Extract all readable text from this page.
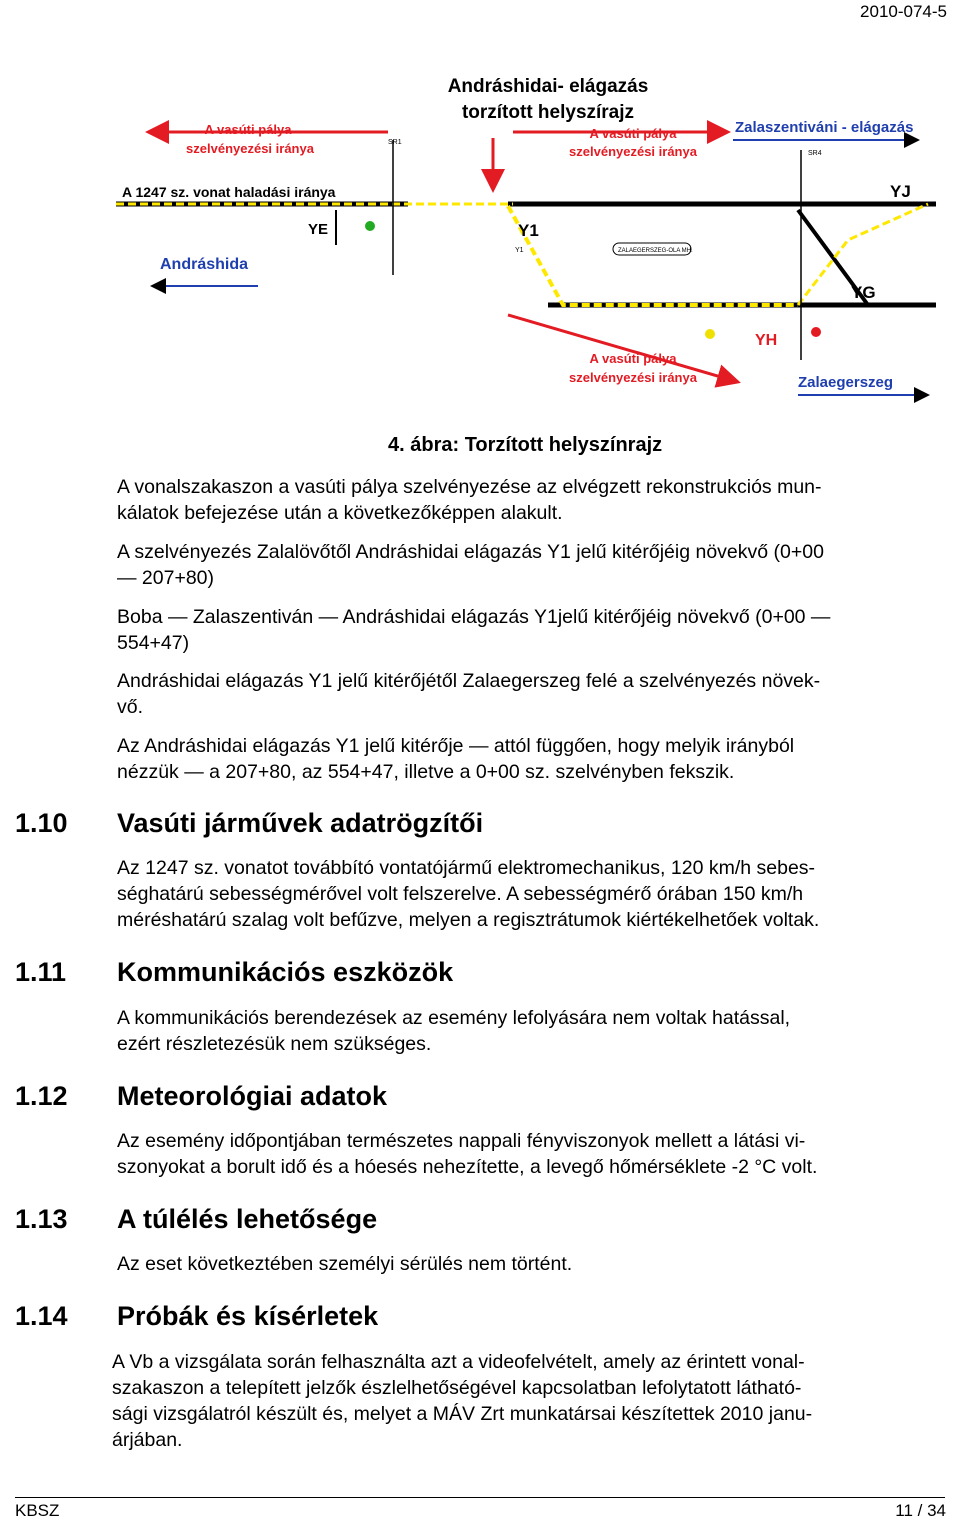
2010-074-5
Andráshidai- elágazás
torzított helyszírajz
A vasúti pálya
szelvényezési iránya
A vasúti pálya
szelvényezési iránya
A vasúti pálya
szelvényezési iránya
A 1247 sz. vonat haladási iránya
Andráshida
Zalaszentiváni - elágazás
Zalaegerszeg
YE	Y1
YJ
YG
YH
SR1
SR4
Y1	ZALAEGERSZEG-OLA MH.
4. ábra: Torzított helyszínrajz
A vonalszakaszon a vasúti pálya szelvényezése az elvégzett rekonstrukciós mun-
kálatok befejezése után a következőképpen alakult.
A szelvényezés Zalalövőtől Andráshidai elágazás Y1 jelű kitérőjéig növekvő (0+00
— 207+80)
Boba — Zalaszentiván — Andráshidai elágazás Y1jelű kitérőjéig növekvő (0+00 —
554+47)
Andráshidai elágazás Y1 jelű kitérőjétől Zalaegerszeg felé a szelvényezés növek-
vő.
Az Andráshidai elágazás Y1 jelű kitérője — attól függően, hogy melyik irányból
nézzük — a 207+80, az 554+47, illetve a 0+00 sz. szelvényben fekszik.
1.10 Vasúti járművek adatrögzítői
Az 1247 sz. vonatot továbbító vontatójármű elektromechanikus, 120 km/h sebes-
séghatárú sebességmérővel volt felszerelve. A sebességmérő órában 150 km/h
méréshatárú szalag volt befűzve, melyen a regisztrátumok kiértékelhetőek voltak.
1.11 Kommunikációs eszközök
A kommunikációs berendezések az esemény lefolyására nem voltak hatással,
ezért részletezésük nem szükséges.
1.12 Meteorológiai adatok
Az esemény időpontjában természetes nappali fényviszonyok mellett a látási vi-
szonyokat a borult idő és a hóesés nehezítette, a levegő hőmérséklete -2 °C volt.
1.13 A túlélés lehetősége
Az eset következtében személyi sérülés nem történt.
1.14 Próbák és kísérletek
A Vb a vizsgálata során felhasználta azt a videofelvételt, amely az érintett vonal-
szakaszon a telepített jelzők észlelhetőségével kapcsolatban lefolytatott látható-
sági vizsgálatról készült és, melyet a MÁV Zrt munkatársai készítettek 2010 janu-
árjában.
KBSZ	11 / 34
